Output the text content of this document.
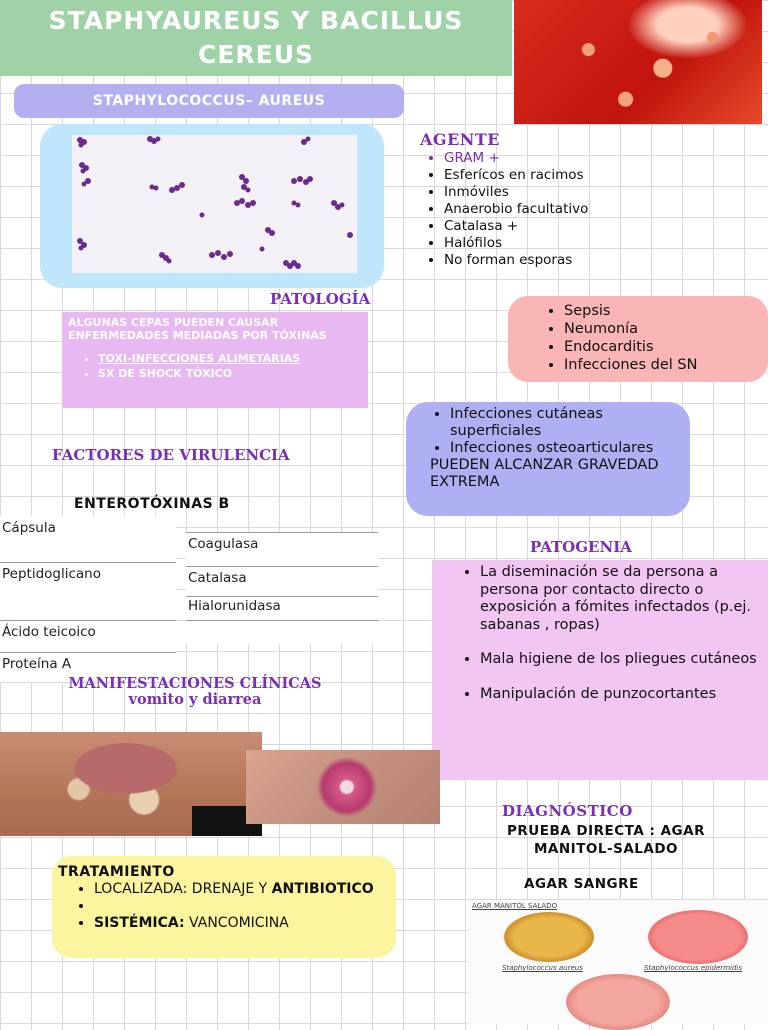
STAPHYAUREUS Y BACILLUS CEREUS
STAPHYLOCOCCUS– AUREUS
AGENTE
• GRAM +
• Esferícos en racimos
• Inmóviles
• Anaerobio facultativo
• Catalasa +
• Halófilos
• No forman esporas
PATOLOGÍA
ALGUNAS CEPAS PUEDEN CAUSAR ENFERMEDADES MEDIADAS POR TÓXINAS
• TOXI-INFECCIONES ALIMETARIAS
• SX DE SHOCK TÓXICO
• Sepsis
• Neumonía
• Endocarditis
• Infecciones del SN
• Infecciones cutáneas superficiales
• Infecciones osteoarticulares
PUEDEN ALCANZAR GRAVEDAD EXTREMA
FACTORES DE VIRULENCIA
ENTEROTÓXINAS B
Cápsula
Peptidoglicano
Ácido teicoico
Proteína A
Coagulasa
Catalasa
Hialorunidasa
PATOGENIA
• La diseminación se da persona a persona por contacto directo o exposición a fómites infectados (p.ej. sabanas , ropas)
• Mala higiene de los pliegues cutáneos
• Manipulación de punzocortantes
MANIFESTACIONES CLÍNICAS
vomito y diarrea
DIAGNÓSTICO
PRUEBA DIRECTA : AGAR MANITOL-SALADO
AGAR SANGRE
AGAR MANITOL SALADO
Staphylococcus aureus	Staphylococcus epidermidis
TRATAMIENTO
• LOCALIZADA: DRENAJE Y ANTIBIOTICO
•
• SISTÉMICA: VANCOMICINA
